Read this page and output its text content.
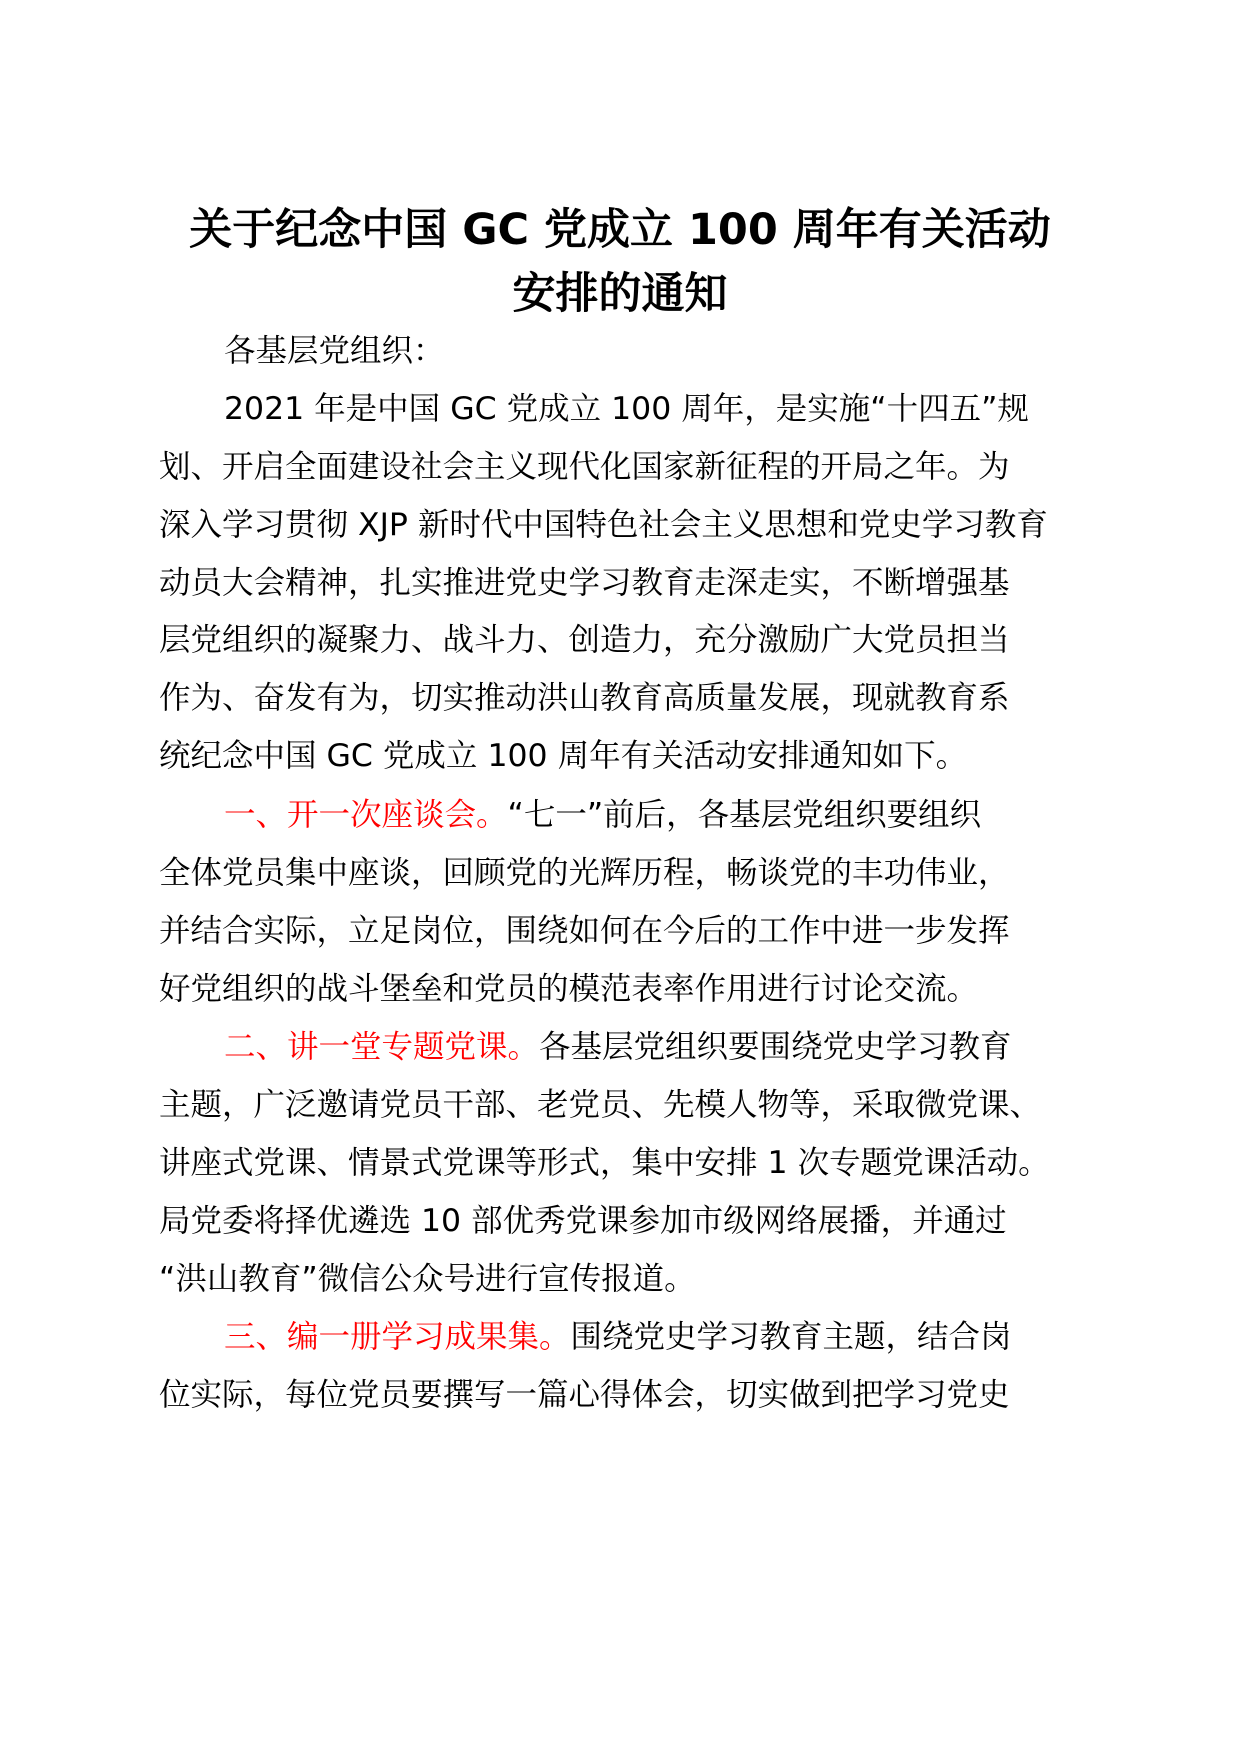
关于纪念中国 GC 党成立 100 周年有关活动
安排的通知
各基层党组织：
2021 年是中国 GC 党成立 100 周年，是实施“十四五”规
划、开启全面建设社会主义现代化国家新征程的开局之年。为
深入学习贯彻 XJP 新时代中国特色社会主义思想和党史学习教育
动员大会精神，扎实推进党史学习教育走深走实，不断增强基
层党组织的凝聚力、战斗力、创造力，充分激励广大党员担当
作为、奋发有为，切实推动洪山教育高质量发展，现就教育系
统纪念中国 GC 党成立 100 周年有关活动安排通知如下。
一、开一次座谈会。“七一”前后，各基层党组织要组织
全体党员集中座谈，回顾党的光辉历程，畅谈党的丰功伟业，
并结合实际，立足岗位，围绕如何在今后的工作中进一步发挥
好党组织的战斗堡垒和党员的模范表率作用进行讨论交流。
二、讲一堂专题党课。各基层党组织要围绕党史学习教育
主题，广泛邀请党员干部、老党员、先模人物等，采取微党课、
讲座式党课、情景式党课等形式，集中安排 1 次专题党课活动。
局党委将择优遴选 10 部优秀党课参加市级网络展播，并通过
“洪山教育”微信公众号进行宣传报道。
三、编一册学习成果集。围绕党史学习教育主题，结合岗
位实际，每位党员要撰写一篇心得体会，切实做到把学习党史
